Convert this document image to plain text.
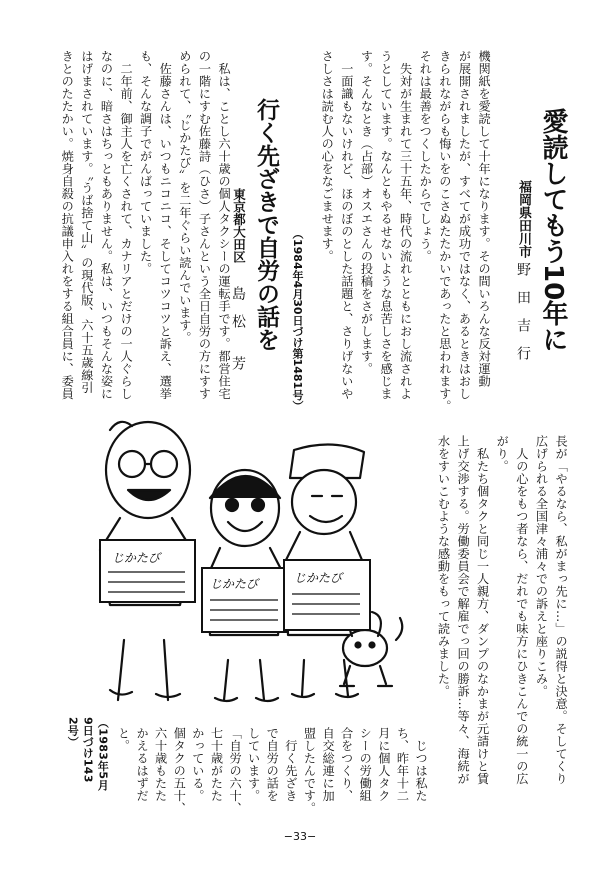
愛読してもう10年に
福岡県田川市
野　田　吉　行
機関紙を愛読して十年になります。その間いろんな反対運動
が展開されましたが、すべてが成功ではなく、あるときはおし
きられながらも悔いをのこさぬたたかいであったと思われます。
それは最善をつくしたからでしょう。
　失対が生まれて三十五年、時代の流れとともにおし流されよ
うとしています。なんともやるせないような息苦しさを感じま
す。そんなとき（占部）オスエさんの投稿をさがします。
　一面識もないけれど、ほのぼのとした話題と、さりげないや
さしさは読む人の心をなごませます。
（1984年4月30日づけ第1481号）
行く先ざきで自労の話を
東京都大田区
島　松　　芳
　私は、ことし六十歳の個人タクシーの運転手です。都営住宅
の一階にすむ佐藤詩（ひさ）子さんという全日自労の方にすす
められて、〝じかたび〟を二年ぐらい読んでいます。
　佐藤さんは、いつもニコニコ、そしてコツコツと訴え、選挙
も、そんな調子でがんばっていました。
　二年前、御主人を亡くされて、カナリアとだけの一人ぐらし
なのに、暗さはちっともありません。私は、いつもそんな姿に
はげまされています。〝うば捨て山〟の現代版、六十五歳線引
きとのたたかい。焼身自殺の抗議申入れをする組合員に、委員
長が「やるなら、私がまっ先に…」の説得と決意。そしてくり
広げられる全国津々浦々での訴えと座りこみ。
　人の心をもつ者なら、だれでも味方にひきこんでの統一の広
がり。
　私たち個タクと同じ一人親方、ダンプのなかまが元請けと賃
上げ交渉する。労働委員会で解雇でっ回の勝訴…等々、海続が
水をすいこむような感動をもって読みました。
　じつは私た
ち、昨年十二
月に個人タク
シーの労働組
合をつくり、
自交総連に加
盟したんです。
　行く先ざき
で自労の話を
しています。
「自労の六十、
七十歳がたた
かっている。
個タクの五十、
六十歳もたた
かえるはずだ
と。
（1983年5月
9日づけ143
2号）
じかたび
じかたび	じかたび
−33−
